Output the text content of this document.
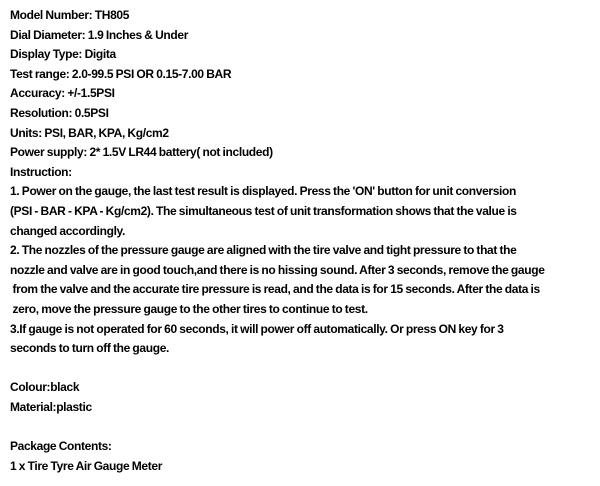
Model Number: TH805
Dial Diameter: 1.9 Inches & Under
Display Type: Digita
Test range: 2.0-99.5 PSI OR 0.15-7.00 BAR
Accuracy: +/-1.5PSI
Resolution: 0.5PSI
Units: PSI, BAR, KPA, Kg/cm2
Power supply: 2* 1.5V LR44 battery( not included)
Instruction:
1. Power on the gauge, the last test result is displayed. Press the 'ON' button for unit conversion
(PSI - BAR - KPA - Kg/cm2). The simultaneous test of unit transformation shows that the value is
changed accordingly.
2. The nozzles of the pressure gauge are aligned with the tire valve and tight pressure to that the
nozzle and valve are in good touch,and there is no hissing sound. After 3 seconds, remove the gauge
from the valve and the accurate tire pressure is read, and the data is for 15 seconds. After the data is
zero, move the pressure gauge to the other tires to continue to test.
3.If gauge is not operated for 60 seconds, it will power off automatically. Or press ON key for 3
seconds to turn off the gauge.
Colour:black
Material:plastic
Package Contents:
1 x Tire Tyre Air Gauge Meter
